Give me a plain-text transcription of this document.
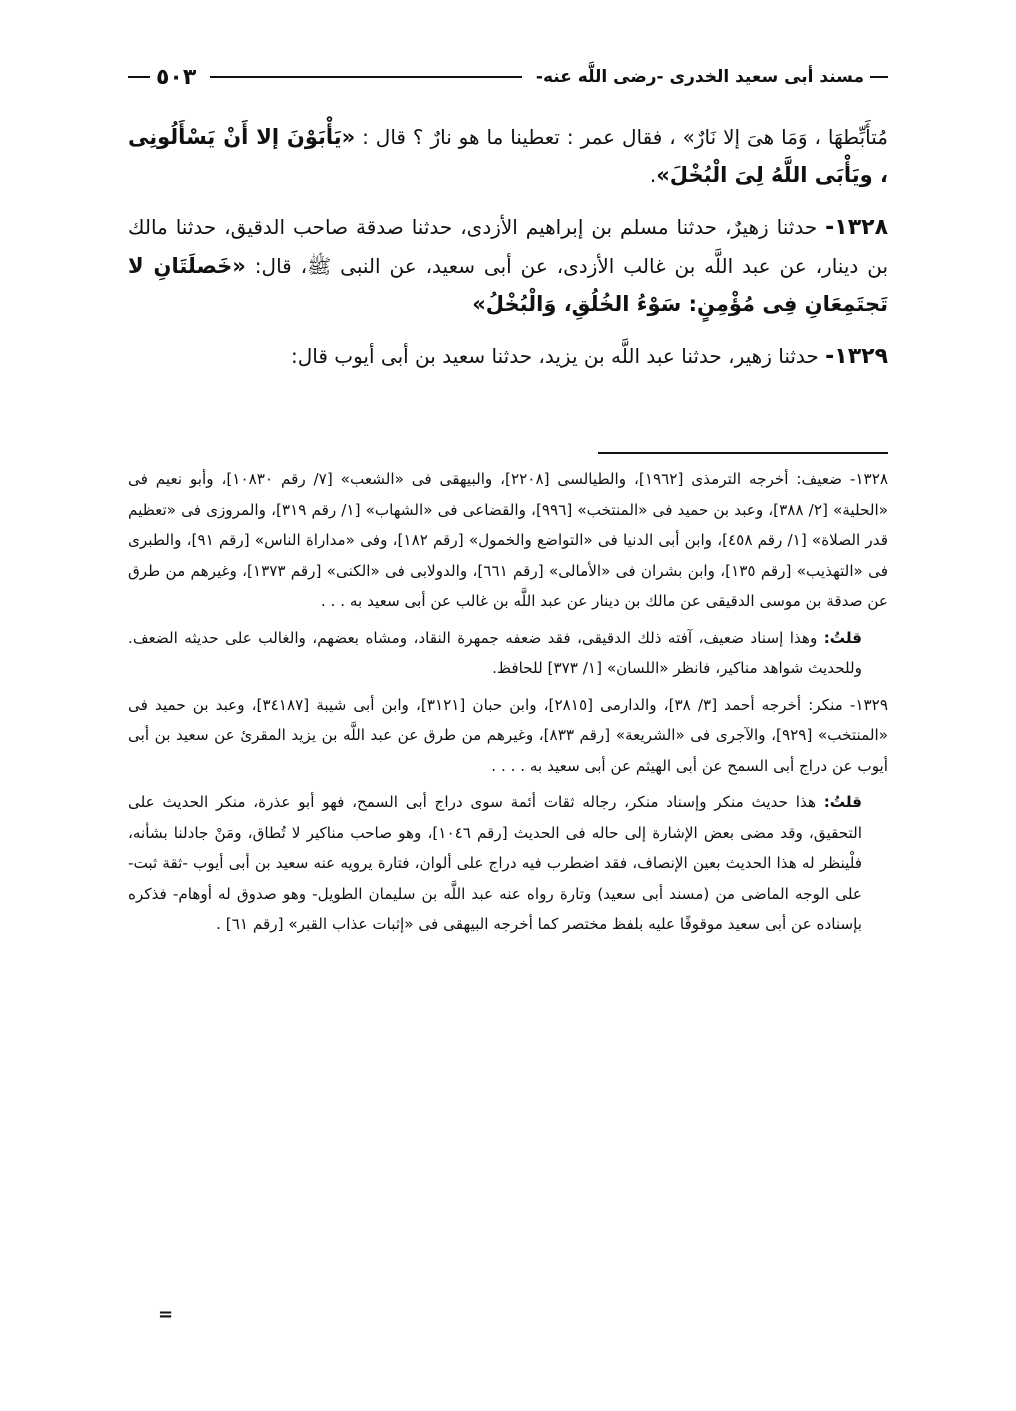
مسند أبى سعيد الخدرى -رضى اللَّه عنه-
٥٠٣

مُتأَبِّطهَا ، وَمَا هىَ إلا نَارٌ» ، فقال عمر : تعطينا ما هو نارٌ ؟ قال : «يَأْبَوْنَ إلا أَنْ يَسْأَلُونِى ، ويَأْبَى اللَّهُ لِىَ الْبُخْلَ».

١٣٢٨- حدثنا زهيرٌ، حدثنا مسلم بن إبراهيم الأزدى، حدثنا صدقة صاحب الدقيق، حدثنا مالك بن دينار، عن عبد اللَّه بن غالب الأزدى، عن أبى سعيد، عن النبى ﷺ، قال: «خَصلَتَانِ لا تَجتَمِعَانِ فِى مُؤْمِنٍ: سَوْءُ الخُلُقِ، وَالْبُخْلُ»

١٣٢٩- حدثنا زهير، حدثنا عبد اللَّه بن يزيد، حدثنا سعيد بن أبى أيوب قال:

١٣٢٨- ضعيف: أخرجه الترمذى [١٩٦٢]، والطيالسى [٢٢٠٨]، والبيهقى فى «الشعب» [٧/ رقم ١٠٨٣٠]، وأبو نعيم فى «الحلية» [٢/ ٣٨٨]، وعبد بن حميد فى «المنتخب» [٩٩٦]، والقضاعى فى «الشهاب» [١/ رقم ٣١٩]، والمروزى فى «تعظيم قدر الصلاة» [١/ رقم ٤٥٨]، وابن أبى الدنيا فى «التواضع والخمول» [رقم ١٨٢]، وفى «مداراة الناس» [رقم ٩١]، والطبرى فى «التهذيب» [رقم ١٣٥]، وابن بشران فى «الأمالى» [رقم ٦٦١]، والدولابى فى «الكنى» [رقم ١٣٧٣]، وغيرهم من طرق عن صدقة بن موسى الدقيقى عن مالك بن دينار عن عبد اللَّه بن غالب عن أبى سعيد به . . .

قلتُ: وهذا إسناد ضعيف، آفته ذلك الدقيقى، فقد ضعفه جمهرة النقاد، ومشاه بعضهم، والغالب على حديثه الضعف. وللحديث شواهد مناكير، فانظر «اللسان» [١/ ٣٧٣] للحافظ.

١٣٢٩- منكر: أخرجه أحمد [٣/ ٣٨]، والدارمى [٢٨١٥]، وابن حبان [٣١٢١]، وابن أبى شيبة [٣٤١٨٧]، وعبد بن حميد فى «المنتخب» [٩٢٩]، والآجرى فى «الشريعة» [رقم ٨٣٣]، وغيرهم من طرق عن عبد اللَّه بن يزيد المقرئ عن سعيد بن أبى أيوب عن دراج أبى السمح عن أبى الهيثم عن أبى سعيد به . . . .

قلتُ: هذا حديث منكر وإسناد منكر، رجاله ثقات أئمة سوى دراج أبى السمح، فهو أبو عذرة، منكر الحديث على التحقيق، وقد مضى بعض الإشارة إلى حاله فى الحديث [رقم ١٠٤٦]، وهو صاحب مناكير لا تُطاق، ومَنْ جادلنا بشأنه، فلْينظر له هذا الحديث بعين الإنصاف، فقد اضطرب فيه دراج على ألوان، فتارة يرويه عنه سعيد بن أبى أيوب -ثقة ثبت- على الوجه الماضى من (مسند أبى سعيد) وتارة رواه عنه عبد اللَّه بن سليمان الطويل- وهو صدوق له أوهام- فذكره بإسناده عن أبى سعيد موقوفًا عليه بلفظ مختصر كما أخرجه البيهقى فى «إثبات عذاب القبر» [رقم ٦١] .

=
